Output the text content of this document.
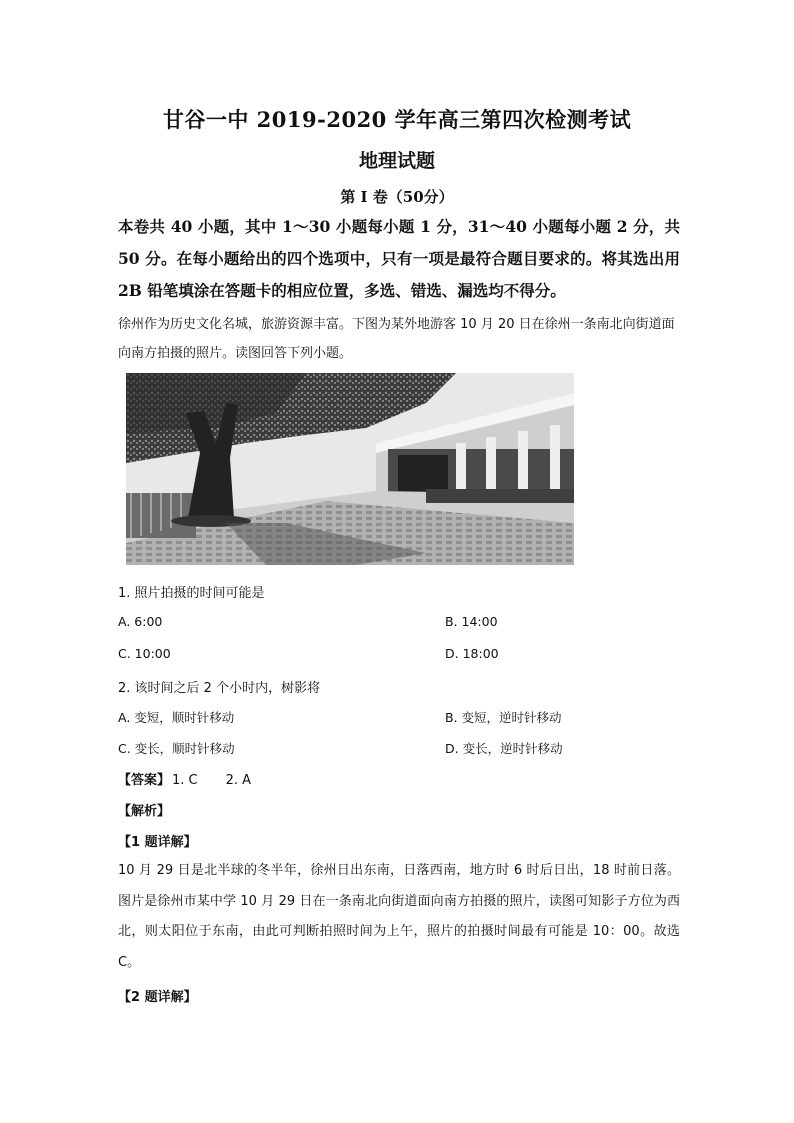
甘谷一中 2019-2020 学年高三第四次检测考试
地理试题
第 I 卷（50分）
本卷共 40 小题，其中 1～30 小题每小题 1 分，31～40 小题每小题 2 分，共 50 分。在每小题给出的四个选项中，只有一项是最符合题目要求的。将其选出用 2B 铅笔填涂在答题卡的相应位置，多选、错选、漏选均不得分。
徐州作为历史文化名城，旅游资源丰富。下图为某外地游客 10 月 20 日在徐州一条南北向街道面向南方拍摄的照片。读图回答下列小题。
1. 照片拍摄的时间可能是
A. 6:00	B. 14:00
C. 10:00	D. 18:00
2. 该时间之后 2 个小时内，树影将
A. 变短，顺时针移动	B. 变短，逆时针移动
C. 变长，顺时针移动	D. 变长，逆时针移动
【答案】 1. C 2. A
【解析】
【1 题详解】
10 月 29 日是北半球的冬半年，徐州日出东南，日落西南，地方时 6 时后日出，18 时前日落。图片是徐州市某中学 10 月 29 日在一条南北向街道面向南方拍摄的照片，读图可知影子方位为西北，则太阳位于东南，由此可判断拍照时间为上午，照片的拍摄时间最有可能是 10：00。故选 C。
【2 题详解】
